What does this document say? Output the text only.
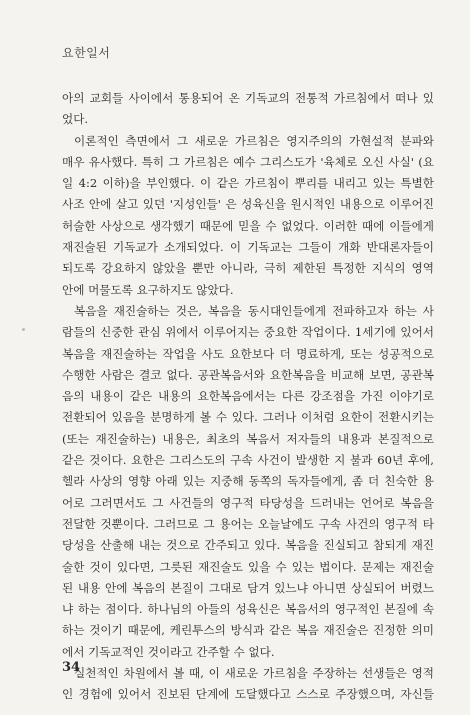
요한일서
아의 교회들 사이에서 통용되어 온 기독교의 전통적 가르침에서 떠나 있
었다.
이론적인 측면에서 그 새로운 가르침은 영지주의의 가현설적 분파와
매우 유사했다. 특히 그 가르침은 예수 그리스도가 '육체로 오신 사실' (요
일 4:2 이하)을 부인했다. 이 같은 가르침이 뿌리를 내리고 있는 특별한
사조 안에 살고 있던 '지성인들' 은 성육신을 원시적인 내용으로 이루어진
허술한 사상으로 생각했기 때문에 믿을 수 없었다. 이러한 때에 이들에게
재진술된 기독교가 소개되었다. 이 기독교는 그들이 개화 반대론자들이
되도록 강요하지 않았을 뿐만 아니라, 극히 제한된 특정한 지식의 영역
안에 머물도록 요구하지도 않았다.
복음을 재진술하는 것은, 복음을 동시대인들에게 전파하고자 하는 사
람들의 신중한 관심 위에서 이루어지는 중요한 작업이다. 1세기에 있어서
복음을 재진술하는 작업을 사도 요한보다 더 명료하게, 또는 성공적으로
수행한 사람은 결코 없다. 공관복음서와 요한복음을 비교해 보면, 공관복
음의 내용이 같은 내용의 요한복음에서는 다른 강조점을 가진 이야기로
전환되어 있음을 분명하게 볼 수 있다. 그러나 이처럼 요한이 전환시키는
(또는 재진술하는) 내용은, 최초의 복음서 저자들의 내용과 본질적으로
같은 것이다. 요한은 그리스도의 구속 사건이 발생한 지 불과 60년 후에,
헬라 사상의 영향 아래 있는 지중해 동쪽의 독자들에게, 좀 더 친숙한 용
어로 그러면서도 그 사건들의 영구적 타당성을 드러내는 언어로 복음을
전달한 것뿐이다. 그러므로 그 용어는 오늘날에도 구속 사건의 영구적 타
당성을 산출해 내는 것으로 간주되고 있다. 복음을 진실되고 참되게 재진
술한 것이 있다면, 그릇된 재진술도 있을 수 있는 법이다. 문제는 재진술
된 내용 안에 복음의 본질이 그대로 담겨 있느냐 아니면 상실되어 버렸느
냐 하는 점이다. 하나님의 아들의 성육신은 복음서의 영구적인 본질에 속
하는 것이기 때문에, 케린투스의 방식과 같은 복음 재진술은 진정한 의미
에서 기독교적인 것이라고 간주할 수 없다.
실천적인 차원에서 볼 때, 이 새로운 가르침을 주장하는 선생들은 영적
인 경험에 있어서 진보된 단계에 도달했다고 스스로 주장했으며, 자신들
34
